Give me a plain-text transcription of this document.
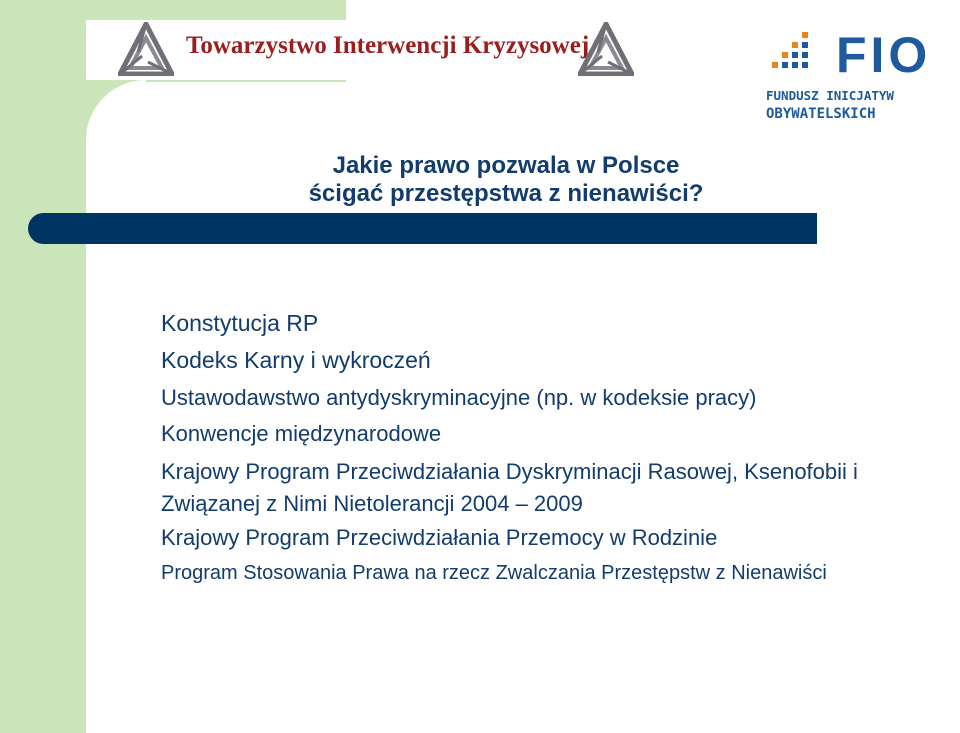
Towarzystwo Interwencji Kryzysowej	FIO
FUNDUSZ INICJATYW
OBYWATELSKICH
Jakie prawo pozwala w Polsce
ścigać przestępstwa z nienawiści?
Konstytucja RP
Kodeks Karny i wykroczeń
Ustawodawstwo antydyskryminacyjne (np. w kodeksie pracy)
Konwencje międzynarodowe
Krajowy Program Przeciwdziałania Dyskryminacji Rasowej, Ksenofobii i Związanej z Nimi Nietolerancji 2004 – 2009
Krajowy Program Przeciwdziałania Przemocy w Rodzinie
Program Stosowania Prawa na rzecz Zwalczania Przestępstw z Nienawiści
